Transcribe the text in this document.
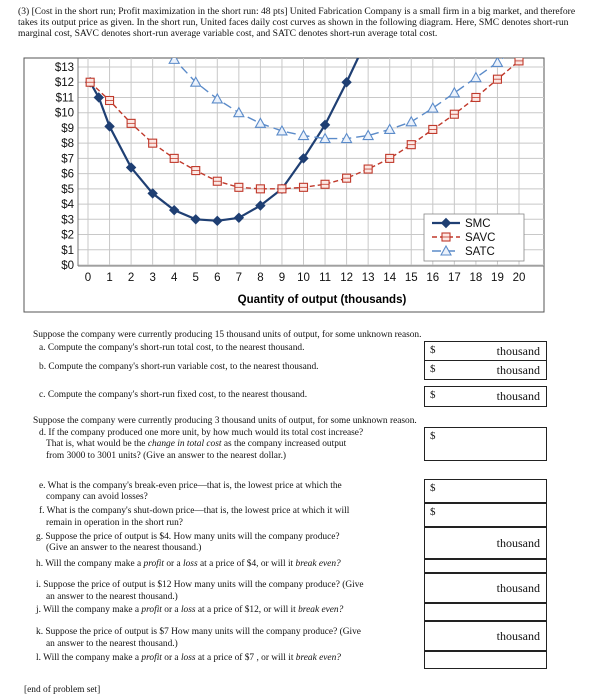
(3) [Cost in the short run; Profit maximization in the short run: 48 pts] United Fabrication Company is a small firm in a big market, and therefore takes its output price as given. In the short run, United faces daily cost curves as shown in the following diagram. Here, SMC denotes short-run marginal cost, SAVC denotes short-run average variable cost, and SATC denotes short-run average total cost.
$0
$1
$2
$3
$4
$5
$6
$7
$8
$9
$10
$11
$12
$13
0 1 2 3 4 5 6 7 8 9 10 11 12 13 14 15 16 17 18 19 20
Quantity of output (thousands)
SMC
SAVC
SATC
Suppose the company were currently producing 15 thousand units of output, for some unknown reason.
a. Compute the company's short-run total cost, to the nearest thousand.	$	thousand
b. Compute the company's short-run variable cost, to the nearest thousand.	$	thousand
c. Compute the company's short-run fixed cost, to the nearest thousand.	$	thousand
Suppose the company were currently producing 3 thousand units of output, for some unknown reason.
d. If the company produced one more unit, by how much would its total cost increase?
That is, what would be the change in total cost as the company increased output
from 3000 to 3001 units? (Give an answer to the nearest dollar.)
$
e. What is the company's break-even price—that is, the lowest price at which the
company can avoid losses?
$
f. What is the company's shut-down price—that is, the lowest price at which it will
remain in operation in the short run?
$
g. Suppose the price of output is $4. How many units will the company produce?
(Give an answer to the nearest thousand.)	thousand
h. Will the company make a profit or a loss at a price of $4, or will it break even?
i. Suppose the price of output is $12 How many units will the company produce? (Give
an answer to the nearest thousand.)
thousand
j. Will the company make a profit or a loss at a price of $12, or will it break even?
k. Suppose the price of output is $7 How many units will the company produce? (Give
an answer to the nearest thousand.)
thousand
l. Will the company make a profit or a loss at a price of $7 , or will it break even?
[end of problem set]
